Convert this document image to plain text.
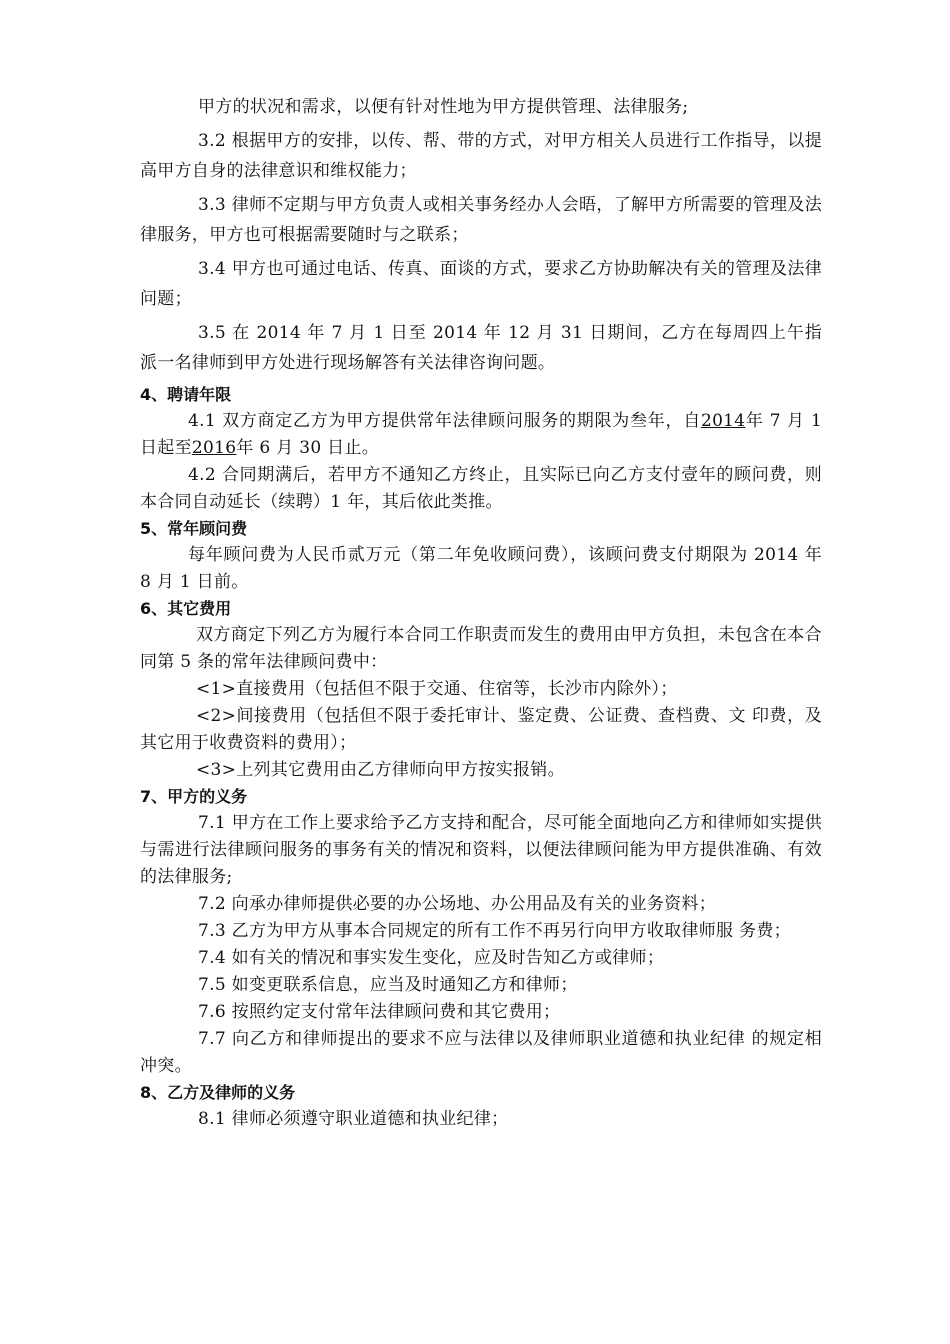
甲方的状况和需求，以便有针对性地为甲方提供管理、法律服务;

3.2 根据甲方的安排，以传、帮、带的方式，对甲方相关人员进行工作指导，以提高甲方自身的法律意识和维权能力；

3.3 律师不定期与甲方负责人或相关事务经办人会晤，了解甲方所需要的管理及法律服务，甲方也可根据需要随时与之联系；

3.4 甲方也可通过电话、传真、面谈的方式，要求乙方协助解决有关的管理及法律问题；

3.5 在 2014 年 7 月 1 日至 2014 年 12 月 31 日期间，乙方在每周四上午指 派一名律师到甲方处进行现场解答有关法律咨询问题。

4、聘请年限

4.1 双方商定乙方为甲方提供常年法律顾问服务的期限为叁年，自2014年 7 月 1 日起至2016年 6 月 30 日止。

4.2 合同期满后，若甲方不通知乙方终止，且实际已向乙方支付壹年的顾问费，则本合同自动延长（续聘）1 年，其后依此类推。

5、常年顾问费

每年顾问费为人民币贰万元（第二年免收顾问费），该顾问费支付期限为 2014 年 8 月 1 日前。

6、其它费用

双方商定下列乙方为履行本合同工作职责而发生的费用由甲方负担，未包含在本合同第 5 条的常年法律顾问费中：

<1>直接费用（包括但不限于交通、住宿等，长沙市内除外）；

<2>间接费用（包括但不限于委托审计、鉴定费、公证费、查档费、文 印费，及其它用于收费资料的费用）；

<3>上列其它费用由乙方律师向甲方按实报销。

7、甲方的义务

7.1 甲方在工作上要求给予乙方支持和配合，尽可能全面地向乙方和律师如实提供与需进行法律顾问服务的事务有关的情况和资料，以便法律顾问能为甲方提供准确、有效的法律服务;

7.2 向承办律师提供必要的办公场地、办公用品及有关的业务资料；

7.3 乙方为甲方从事本合同规定的所有工作不再另行向甲方收取律师服 务费；

7.4 如有关的情况和事实发生变化，应及时告知乙方或律师；

7.5 如变更联系信息，应当及时通知乙方和律师；

7.6 按照约定支付常年法律顾问费和其它费用；

7.7 向乙方和律师提出的要求不应与法律以及律师职业道德和执业纪律 的规定相冲突。

8、乙方及律师的义务

8.1 律师必须遵守职业道德和执业纪律；
